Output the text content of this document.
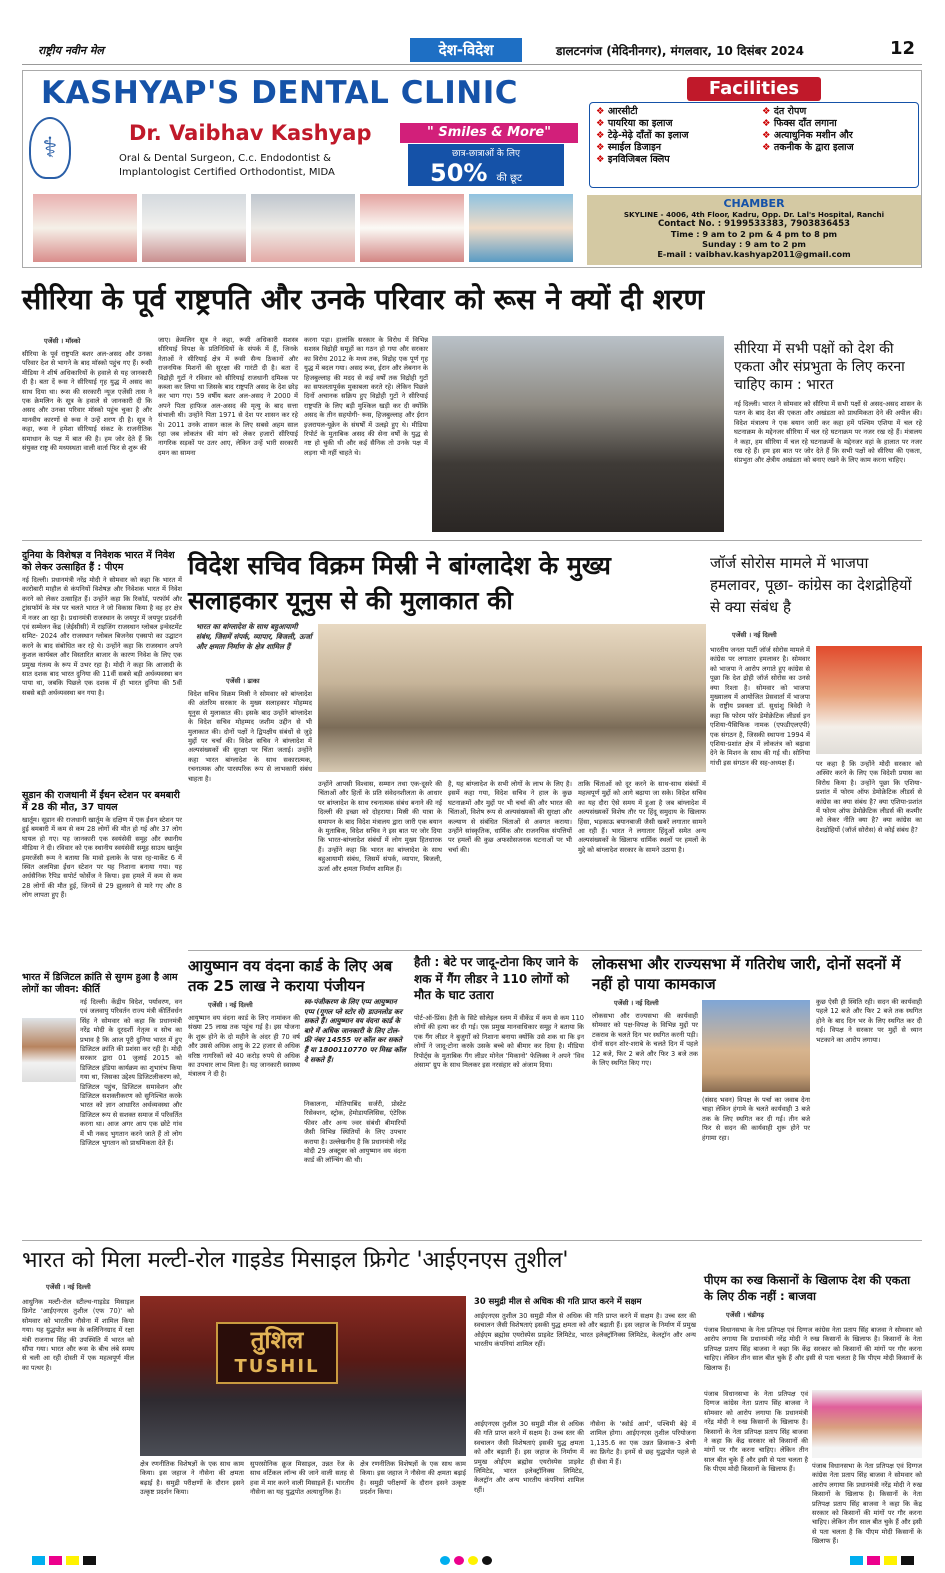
राष्ट्रीय नवीन मेल	देश-विदेश	डालटनगंज (मेदिनीनगर), मंगलवार, 10 दिसंबर 2024	12
⚕
KASHYAP'S DENTAL CLINIC
Dr. Vaibhav Kashyap
Oral & Dental Surgeon, C.c. Endodontist &
Implantologist Certified Orthodontist, MIDA
" Smiles & More"
छात्र-छात्राओं के लिए
50% की छूट
Facilities
❖ आरसीटी
❖ पायरिया का इलाज
❖ टेढ़े-मेढ़े दाँतों का इलाज
❖ स्माईल डिजाइन
❖ इनविजिबल क्लिप
❖ दंत रोपण
❖ फिक्स दाँत लगाना
❖ अत्याधुनिक मशीन और
❖ तकनीक के द्वारा इलाज
CHAMBER
SKYLINE - 4006, 4th Floor, Kadru, Opp. Dr. Lal's Hospital, Ranchi
Contact No. : 9199533383, 7903836453
Time : 9 am to 2 pm & 4 pm to 8 pm
Sunday : 9 am to 2 pm
E-mail : vaibhav.kashyap2011@gmail.com
सीरिया के पूर्व राष्ट्रपति और उनके परिवार को रूस ने क्यों दी शरण
एजेंसी । मॉस्को
सीरिया के पूर्व राष्ट्रपति बशर अल-असद और उनका परिवार देश से भागने के बाद मॉस्को पहुंच गए हैं। रूसी मीडिया ने शीर्ष अधिकारियों के हवाले से यह जानकारी दी है। बता दें रूस ने सीरियाई गृह युद्ध में असद का साथ दिया था। रूस की सरकारी न्यूज एजेंसी तास ने एक क्रेमलिन के सूत्र के हवाले से जानकारी दी कि असद और उनका परिवार मॉस्को पहुंच चुका है और मानवीय कारणों से रूस ने उन्हें शरण दी है। सूत्र ने कहा, रूस ने हमेशा सीरियाई संकट के राजनीतिक समाधान के पक्ष में बात की है। हम जोर देते हैं कि संयुक्त राष्ट्र की मध्यस्थता वाली वार्ता फिर से शुरू की
जाए। क्रेमलिन सूत्र ने कहा, रूसी अधिकारी सशस्त्र सीरियाई विपक्ष के प्रतिनिधियों के संपर्क में हैं, जिनके नेताओं ने सीरियाई क्षेत्र में रूसी सैन्य ठिकानों और राजनयिक मिशनों की सुरक्षा की गारंटी दी है। बता दें विद्रोही गुटों ने रविवार को सीरियाई राजधानी दमिश्क पर कब्जा कर लिया था जिसके बाद राष्ट्रपति असद के देश छोड़ कर भाग गए। 59 वर्षीय बशर अल-असद ने 2000 में अपने पिता हाफिज अल-असद की मृत्यु के बाद सत्ता संभाली थी। उन्होंने पिता 1971 से देश पर शासन कर रहे थे। 2011 उनके शासन काल के लिए सबसे अहम साल रहा जब लोकतंत्र की मांग को लेकर हजारों सीरियाई नागरिक सड़कों पर उतर आए, लेकिन उन्हें भारी सरकारी दमन का सामना
करना पड़ा। हालांकि सरकार के विरोध में विभिन्न सशस्त्र विद्रोही समूहों का गठन हो गया और सरकार का विरोध 2012 के मध्य तक, विद्रोह एक पूर्ण गृह युद्ध में बदल गया। असद रूस, ईरान और लेबनान के हिजबुल्लाह की मदद से कई वर्षों तक विद्रोही गुटों का सफलतापूर्वक मुकाबला करते रहे। लेकिन पिछले दिनों अचानक सक्रिय हुए विद्रोही गुटों ने सीरियाई राष्ट्रपति के लिए बड़ी मुश्किल खड़ी कर दी क्योंकि असद के तीन सहयोगी- रूस, हिजबुल्लाह और ईरान इजरायल-यूक्रेन के संघर्षों में उलझे हुए थे। मीडिया रिपोर्ट के मुताबिक असद की सेना वर्षों के युद्ध से नष्ट हो चुकी थी और कई सैनिक तो उनके पक्ष में लड़ना भी नहीं चाहते थे।
सीरिया में सभी पक्षों को देश की एकता और संप्रभुता के लिए करना चाहिए काम : भारत
नई दिल्ली। भारत ने सोमवार को सीरिया में सभी पक्षों से असद-असद शासन के पतन के बाद देश की एकता और अखंडता को प्राथमिकता देने की अपील की। विदेश मंत्रालय ने एक बयान जारी कर कहा हमें पश्चिम एशिया में चल रहे घटनाक्रम के मद्देनजर सीरिया में चल रहे घटनाक्रम पर नजर रख रहे हैं। मंत्रालय ने कहा, हम सीरिया में चल रहे घटनाक्रमों के मद्देनजर वहां के हालात पर नजर रख रहे हैं। हम इस बात पर जोर देते हैं कि सभी पक्षों को सीरिया की एकता, संप्रभुता और क्षेत्रीय अखंडता को बनाए रखने के लिए काम करना चाहिए।
दुनिया के विशेषज्ञ व निवेशक भारत में निवेश को लेकर उत्साहित हैं : पीएम
नई दिल्ली। प्रधानमंत्री नरेंद्र मोदी ने सोमवार को कहा कि भारत में कारोबारी माहौल से कंपनियों विशेषज्ञ और निवेशक भारत में निवेश करने को लेकर उत्साहित हैं। उन्होंने कहा कि रिकॉर्ड, परफॉर्म और ट्रांसफॉर्म के मंत्र पर चलते भारत ने जो विकास किया है वह हर क्षेत्र में नजर आ रहा है। प्रधानमंत्री राजस्थान के जयपुर में जयपुर प्रदर्शनी एवं सम्मेलन केंद्र (जेईसीसी) में राइजिंग राजस्थान ग्लोबल इन्वेस्टमेंट समिट- 2024 और राजस्थान ग्लोबल बिजनेस एक्सपो का उद्घाटन करने के बाद संबोधित कर रहे थे। उन्होंने कहा कि राजस्थान अपने कुशल कार्यबल और विस्तारित बाजार के कारण निवेश के लिए एक प्रमुख गंतव्य के रूप में उभर रहा है। मोदी ने कहा कि आजादी के सात दशक बाद भारत दुनिया की 11वीं सबसे बड़ी अर्थव्यवस्था बन पाया था, जबकि पिछले एक दशक में ही भारत दुनिया की 5वीं सबसे बड़ी अर्थव्यवस्था बन गया है।
सूडान की राजधानी में ईंधन स्टेशन पर बमबारी में 28 की मौत, 37 घायल
खार्तूम। सूडान की राजधानी खार्तूम के दक्षिण में एक ईंधन स्टेशन पर हुई बमबारी में कम से कम 28 लोगों की मौत हो गई और 37 लोग घायल हो गए। यह जानकारी एक स्वयंसेवी समूह और स्थानीय मीडिया ने दी। रविवार को एक स्थानीय स्वयंसेवी समूह साउथ खार्तूम इमरजेंसी रूम ने बताया कि मावो इलाके के पास रह-मार्केट 6 में स्थित अलमिन्ना ईंधन स्टेशन पर यह निशाना बनाया गया। यह अर्धसैनिक रैपिड सपोर्ट फोर्सेज ने किया। इस हमले में कम से कम 28 लोगों की मौत हुई, जिनमें से 29 झुलसने से मारे गए और 8 लोग लापता हुए हैं।
भारत में डिजिटल क्रांति से सुगम हुआ है आम लोगों का जीवन: कीर्ति
नई दिल्ली। केंद्रीय विदेश, पर्यावरण, वन एवं जलवायु परिवर्तन राज्य मंत्री कीर्तिवर्धन सिंह ने सोमवार को कहा कि प्रधानमंत्री नरेंद्र मोदी के दूरदर्शी नेतृत्व व सोच का प्रभाव है कि आज पूरी दुनिया भारत में हुए डिजिटल क्रांति की प्रशंसा कर रही है। मोदी सरकार द्वारा 01 जुलाई 2015 को डिजिटल इंडिया कार्यक्रम का शुभारंभ किया गया था, जिसका उद्देश्य डिजिटलीकरण को, डिजिटल पहुंच, डिजिटल समावेशन और डिजिटल सशक्तीकरण को सुनिश्चित करके भारत को ज्ञान आधारित अर्थव्यवस्था और डिजिटल रूप से सशक्त समाज में परिवर्तित करना था। आज अगर आप एक छोटे गांव में भी नकद भुगतान करने जाते हैं तो लोग डिजिटल भुगतान को प्राथमिकता देते हैं।
विदेश सचिव विक्रम मिस्री ने बांग्लादेश के मुख्य सलाहकार यूनुस से की मुलाकात की
भारत का बांग्लादेश के साथ बहुआयामी संबंध, जिसमें संपर्क, व्यापार, बिजली, ऊर्जा और क्षमता निर्माण के क्षेत्र शामिल हैं
एजेंसी । ढाका
विदेश सचिव विक्रम मिस्री ने सोमवार को बांग्लादेश की अंतरिम सरकार के मुख्य सलाहकार मोहम्मद यूनुस से मुलाकात की। इसके बाद उन्होंने बांग्लादेश के विदेश सचिव मोहम्मद जशीम उद्दीन से भी मुलाकात की। दोनों पक्षों ने द्विपक्षीय संबंधों से जुड़े मुद्दों पर चर्चा की। विदेश सचिव ने बांग्लादेश में अल्पसंख्यकों की सुरक्षा पर चिंता जताई। उन्होंने कहा भारत बांग्लादेश के साथ सकारात्मक, रचनात्मक और पारस्परिक रूप से लाभकारी संबंध चाहता है।
उन्होंने आपसी विश्वास, सम्मान तथा एक-दूसरे की चिंताओं और हितों के प्रति संवेदनशीलता के आधार पर बांग्लादेश के साथ रचनात्मक संबंध बनाने की नई दिल्ली की इच्छा को दोहराया। मिस्री की यात्रा के समापन के बाद विदेश मंत्रालय द्वारा जारी एक बयान के मुताबिक, विदेश सचिव ने इस बात पर जोर दिया कि भारत-बांग्लादेश संबंधों में लोग मुख्य हितधारक हैं। उन्होंने कहा कि भारत का बांग्लादेश के साथ बहुआयामी संबंध, जिसमें संपर्क, व्यापार, बिजली, ऊर्जा और क्षमता निर्माण शामिल हैं।
है, यह बांग्लादेश के सभी लोगों के लाभ के लिए है। इसमें कहा गया, विदेश सचिव ने हाल के कुछ घटनाक्रमों और मुद्दों पर भी चर्चा की और भारत की चिंताओं, विशेष रूप से अल्पसंख्यकों की सुरक्षा और कल्याण से संबंधित चिंताओं से अवगत कराया। उन्होंने सांस्कृतिक, धार्मिक और राजनयिक संपत्तियों पर हमलों की कुछ अफसोसजनक घटनाओं पर भी चर्चा की।
ताकि चिंताओं को दूर करने के साथ-साथ संबंधों में महत्वपूर्ण मुद्दों को आगे बढ़ाया जा सके। विदेश सचिव का यह दौरा ऐसे समय में हुआ है जब बांग्लादेश में अल्पसंख्यकों विशेष तौर पर हिंदू समुदाय के खिलाफ हिंसा, भड़काऊ बयानबाजी जैसी खबरें लगातार सामने आ रही हैं। भारत ने लगातार हिंदुओं समेत अन्य अल्पसंख्यकों के खिलाफ धार्मिक स्थलों पर हमलों के मुद्दे को बांग्लादेश सरकार के सामने उठाया है।
जॉर्ज सोरोस मामले में भाजपा हमलावर, पूछा- कांग्रेस का देशद्रोहियों से क्या संबंध है
एजेंसी । नई दिल्ली
भारतीय जनता पार्टी जॉर्ज सोरोस मामले में कांग्रेस पर लगातार हमलावर है। सोमवार को भाजपा ने आरोप लगाते हुए कांग्रेस से पूछा कि देश द्रोही जॉर्ज सोरोस का उनसे क्या रिश्ता है। सोमवार को भाजपा मुख्यालय में आयोजित प्रेसवार्ता में भाजपा के राष्ट्रीय प्रवक्ता डॉ. सुधांशु त्रिवेदी ने कहा कि फोरम फॉर डेमोक्रेटिक लीडर्स इन एशिया-पैसिफिक नामक (एफडीएलएपी) एक संगठन है, जिसकी स्थापना 1994 में एशिया-प्रशांत क्षेत्र में लोकतंत्र को बढ़ावा देने के मिशन के साथ की गई थी। सोनिया गांधी इस संगठन की सह-अध्यक्ष हैं।	पर कहा है कि उन्होंने मोदी सरकार को अस्थिर करने के लिए एक विदेशी प्रयास का विरोध किया है। उन्होंने पूछा कि एशिया-प्रशांत में फोरम ऑफ डेमोक्रेटिक लीडर्स से कांग्रेस का क्या संबंध है? क्या एशिया-प्रशांत में फोरम ऑफ डेमोक्रेटिक लीडर्स की कश्मीर को लेकर नीति क्या है? क्या कांग्रेस का देशद्रोहियों (जॉर्ज सोरोस) से कोई संबंध है?
आयुष्मान वय वंदना कार्ड के लिए अब तक 25 लाख ने कराया पंजीयन
एजेंसी । नई दिल्ली	स्व-पंजीकरण के लिए एप्प आयुष्मान एप्प (गूगल प्ले स्टोर से) डाउनलोड कर सकते हैं। आयुष्मान वय वंदना कार्ड के बारे में अधिक जानकारी के लिए टोल-फ्री नंबर 14555 पर कॉल कर सकते हैं या 1800110770 पर मिस्ड कॉल दे सकते हैं।
आयुष्मान वय वंदना कार्ड के लिए नामांकन की संख्या 25 लाख तक पहुंच गई है। इस योजना के शुरू होने के दो महीने के अंदर ही 70 वर्ष और उससे अधिक आयु के 22 हजार से अधिक वरिष्ठ नागरिकों को 40 करोड़ रुपये से अधिक का उपचार लाभ मिला है। यह जानकारी स्वास्थ्य मंत्रालय ने दी है।
निकालना, मोतियाबिंद सर्जरी, प्रोस्टेट रिसेक्शन, स्ट्रोक, हेमोडायलिसिस, एंटेरिक फीवर और अन्य ज्वर संबंधी बीमारियों जैसी विभिन्न स्थितियों के लिए उपचार कराया है। उल्लेखनीय है कि प्रधानमंत्री नरेंद्र मोदी 29 अक्टूबर को आयुष्मान वय वंदना कार्ड की लॉन्चिंग की थी।
हैती : बेटे पर जादू-टोना किए जाने के शक में गैंग लीडर ने 110 लोगों को मौत के घाट उतारा
पोर्ट-ऑ-प्रिंस। हैती के सिटे सोलेइल स्लम में वीकेंड में कम से कम 110 लोगों की हत्या कर दी गई। एक प्रमुख मानवाधिकार समूह ने बताया कि एक गैंग लीडर ने बुजुर्गों को निशाना बनाया क्योंकि उसे शक था कि इन लोगों ने जादू-टोना करके उसके बच्चे को बीमार कर दिया है। मीडिया रिपोर्ट्स के मुताबिक गैंग लीडर मोनेल 'मिकानो' फेलिक्स ने अपने 'विव अंसाम' ग्रुप के साथ मिलकर इस नरसंहार को अंजाम दिया।
लोकसभा और राज्यसभा में गतिरोध जारी, दोनों सदनों में नहीं हो पाया कामकाज
एजेंसी । नई दिल्ली
लोकसभा और राज्यसभा की कार्यवाही सोमवार को पक्ष-विपक्ष के विभिन्न मुद्दों पर टकराव के चलते दिन भर स्थगित करनी पड़ी। दोनों सदन शोर-शराबे के चलते दिन में पहले 12 बजे, फिर 2 बजे और फिर 3 बजे तक के लिए स्थगित किए गए।
(संसद भवन) विपक्ष के पर्चा का जवाब देना चाहा लेकिन हंगामे के चलते कार्यवाही 3 बजे तक के लिए स्थगित कर दी गई। तीन बजे फिर से सदन की कार्यवाही शुरू होने पर हंगामा रहा।
कुछ ऐसी ही स्थिति रही। सदन की कार्यवाही पहले 12 बजे और फिर 2 बजे तक स्थगित होने के बाद दिन भर के लिए स्थगित कर दी गई। विपक्ष ने सरकार पर मुद्दों से ध्यान भटकाने का आरोप लगाया।
भारत को मिला मल्टी-रोल गाइडेड मिसाइल फ्रिगेट 'आईएनएस तुशील'
एजेंसी । नई दिल्ली
आधुनिक मल्टी-रोल स्टील्थ-गाइडेड मिसाइल फ्रिगेट 'आईएनएस तुशील (एफ 70)' को सोमवार को भारतीय नौसेना में शामिल किया गया। यह युद्धपोत रूस के कलिनिनग्राद में रक्षा मंत्री राजनाथ सिंह की उपस्थिति में भारत को सौंपा गया। भारत और रूस के बीच लंबे समय से चली आ रही दोस्ती में एक महत्वपूर्ण मील का पत्थर है।
तुशिल
TUSHIL
क्षेत्र रणनीतिक विशेषज्ञों के एक साथ काम किया। इस जहाज ने नौसेना की क्षमता बढ़ाई है। समुद्री परीक्षणों के दौरान इसने उत्कृष्ट प्रदर्शन किया।
सुपरसोनिक क्रूज मिसाइल, उन्नत रेंज के साथ वर्टिकल लॉन्च की जाने वाली सतह से हवा में मार करने वाली मिसाइलें हैं। भारतीय नौसेना का यह युद्धपोत अत्याधुनिक है।
क्षेत्र रणनीतिक विशेषज्ञों के एक साथ काम किया। इस जहाज ने नौसेना की क्षमता बढ़ाई है। समुद्री परीक्षणों के दौरान इसने उत्कृष्ट प्रदर्शन किया।
30 समुद्री मील से अधिक की गति प्राप्त करने में सक्षम
आईएनएस तुशील 30 समुद्री मील से अधिक की गति प्राप्त करने में सक्षम है। उच्च स्तर की स्वचालन जैसी विशेषताएं इसकी युद्ध क्षमता को और बढ़ाती हैं। इस जहाज के निर्माण में प्रमुख ओईएम ब्रह्मोस एयरोस्पेस प्राइवेट लिमिटेड, भारत इलेक्ट्रॉनिक्स लिमिटेड, केलट्रॉन और अन्य भारतीय कंपनियां शामिल रहीं।
आईएनएस तुशील 30 समुद्री मील से अधिक की गति प्राप्त करने में सक्षम है। उच्च स्तर की स्वचालन जैसी विशेषताएं इसकी युद्ध क्षमता को और बढ़ाती हैं। इस जहाज के निर्माण में प्रमुख ओईएम ब्रह्मोस एयरोस्पेस प्राइवेट लिमिटेड, भारत इलेक्ट्रॉनिक्स लिमिटेड, केलट्रॉन और अन्य भारतीय कंपनियां शामिल रहीं।
नौसेना के 'स्वोर्ड आर्म', पश्चिमी बेड़े में शामिल होगा। आईएनएस तुशील परियोजना 1,135.6 का एक उन्नत क्रिवाक-3 श्रेणी का फ्रिगेट है। इनमें से छह युद्धपोत पहले से ही सेवा में हैं।
पीएम का रुख किसानों के खिलाफ देश की एकता के लिए ठीक नहीं : बाजवा
एजेंसी । चंडीगढ़
पंजाब विधानसभा के नेता प्रतिपक्ष एवं दिग्गज कांग्रेस नेता प्रताप सिंह बाजवा ने सोमवार को आरोप लगाया कि प्रधानमंत्री नरेंद्र मोदी ने रुख किसानों के खिलाफ है। किसानों के नेता प्रतिपक्ष प्रताप सिंह बाजवा ने कहा कि केंद्र सरकार को किसानों की मांगों पर गौर करना चाहिए। लेकिन तीन साल बीत चुके हैं और इसी से पता चलता है कि पीएम मोदी किसानों के खिलाफ हैं।
पंजाब विधानसभा के नेता प्रतिपक्ष एवं दिग्गज कांग्रेस नेता प्रताप सिंह बाजवा ने सोमवार को आरोप लगाया कि प्रधानमंत्री नरेंद्र मोदी ने रुख किसानों के खिलाफ है। किसानों के नेता प्रतिपक्ष प्रताप सिंह बाजवा ने कहा कि केंद्र सरकार को किसानों की मांगों पर गौर करना चाहिए। लेकिन तीन साल बीत चुके हैं और इसी से पता चलता है कि पीएम मोदी किसानों के खिलाफ हैं।	पंजाब विधानसभा के नेता प्रतिपक्ष एवं दिग्गज कांग्रेस नेता प्रताप सिंह बाजवा ने सोमवार को आरोप लगाया कि प्रधानमंत्री नरेंद्र मोदी ने रुख किसानों के खिलाफ है। किसानों के नेता प्रतिपक्ष प्रताप सिंह बाजवा ने कहा कि केंद्र सरकार को किसानों की मांगों पर गौर करना चाहिए। लेकिन तीन साल बीत चुके हैं और इसी से पता चलता है कि पीएम मोदी किसानों के खिलाफ हैं।
